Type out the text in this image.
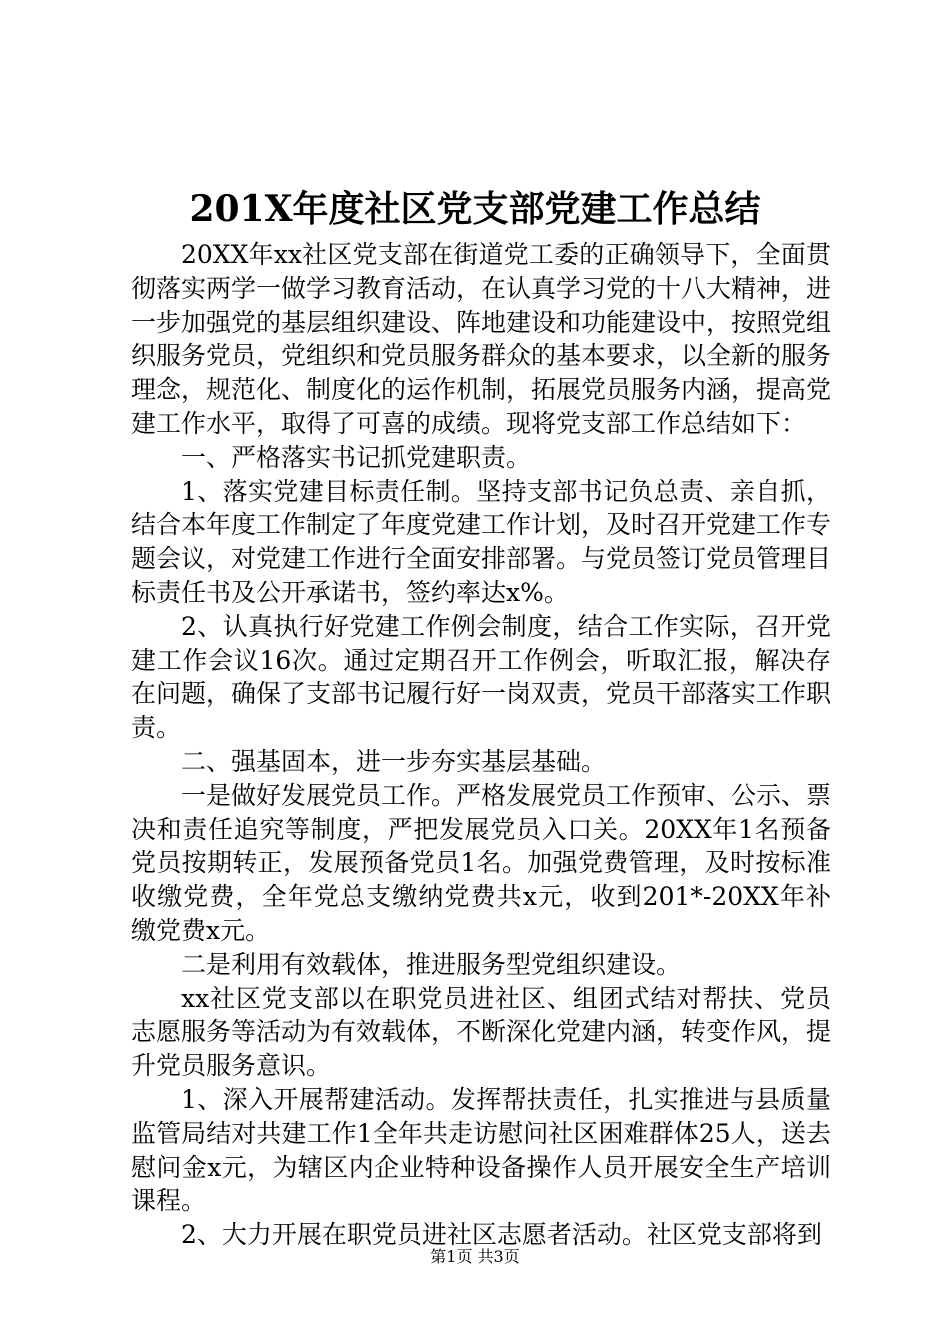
201X年度社区党支部党建工作总结

20XX年xx社区党支部在街道党工委的正确领导下，全面贯彻落实两学一做学习教育活动，在认真学习党的十八大精神，进一步加强党的基层组织建设、阵地建设和功能建设中，按照党组织服务党员，党组织和党员服务群众的基本要求，以全新的服务理念，规范化、制度化的运作机制，拓展党员服务内涵，提高党建工作水平，取得了可喜的成绩。现将党支部工作总结如下：

一、严格落实书记抓党建职责。

1、落实党建目标责任制。坚持支部书记负总责、亲自抓，结合本年度工作制定了年度党建工作计划，及时召开党建工作专题会议，对党建工作进行全面安排部署。与党员签订党员管理目标责任书及公开承诺书，签约率达x%。

2、认真执行好党建工作例会制度，结合工作实际，召开党建工作会议16次。通过定期召开工作例会，听取汇报，解决存在问题，确保了支部书记履行好一岗双责，党员干部落实工作职责。

二、强基固本，进一步夯实基层基础。

一是做好发展党员工作。严格发展党员工作预审、公示、票决和责任追究等制度，严把发展党员入口关。20XX年1名预备党员按期转正，发展预备党员1名。加强党费管理，及时按标准收缴党费，全年党总支缴纳党费共x元，收到201*-20XX年补缴党费x元。

二是利用有效载体，推进服务型党组织建设。

xx社区党支部以在职党员进社区、组团式结对帮扶、党员志愿服务等活动为有效载体，不断深化党建内涵，转变作风，提升党员服务意识。

1、深入开展帮建活动。发挥帮扶责任，扎实推进与县质量监管局结对共建工作1全年共走访慰问社区困难群体25人，送去慰问金x元，为辖区内企业特种设备操作人员开展安全生产培训课程。

2、大力开展在职党员进社区志愿者活动。社区党支部将到

第1页 共3页
